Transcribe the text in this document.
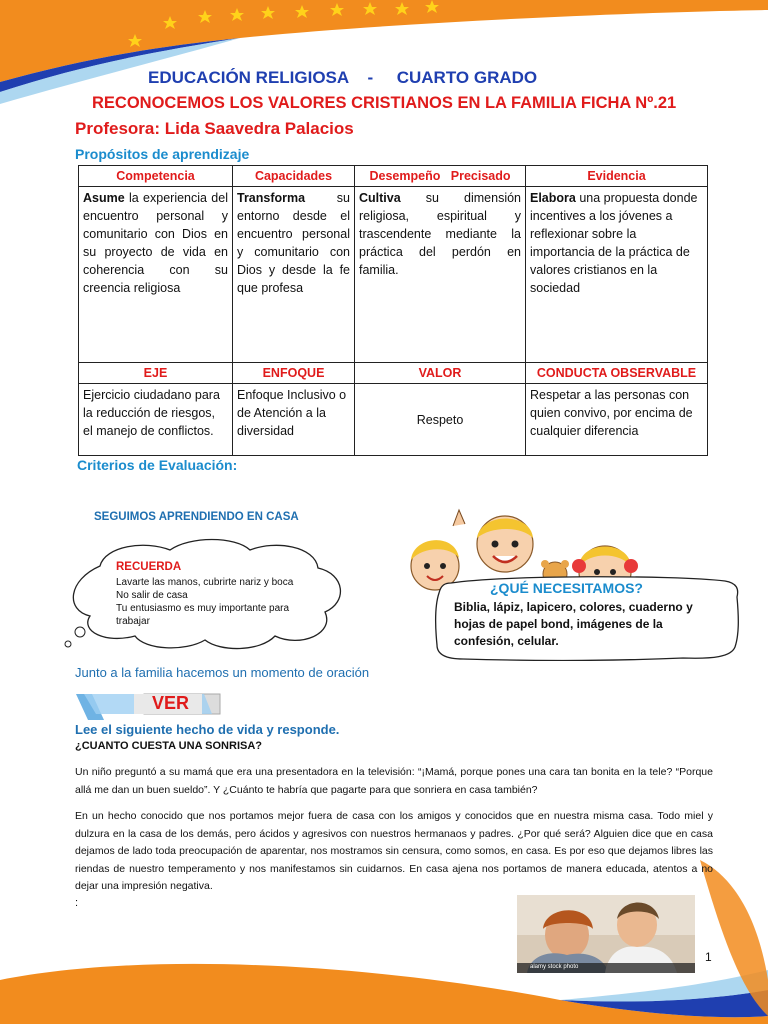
EDUCACIÓN RELIGIOSA    -     CUARTO GRADO
RECONOCEMOS LOS VALORES CRISTIANOS EN LA FAMILIA FICHA Nº.21
Profesora: Lida Saavedra Palacios
Propósitos de aprendizaje
Competencia	Capacidades	Desempeño   Precisado	Evidencia
Asume la experiencia del encuentro personal y comunitario con Dios en su proyecto de vida en coherencia con su creencia religiosa	Transforma su entorno desde el encuentro personal y comunitario con Dios y desde la fe que profesa	Cultiva su dimensión religiosa, espiritual y trascendente mediante la práctica del perdón en familia.	Elabora una propuesta donde incentives a los jóvenes a reflexionar sobre la importancia de la práctica de valores cristianos en la sociedad
EJE	ENFOQUE	VALOR	CONDUCTA OBSERVABLE
Ejercicio ciudadano para la reducción de riesgos, el manejo de conflictos.	Enfoque Inclusivo o de Atención a la diversidad	Respeto	Respetar a las personas con quien convivo, por encima de cualquier diferencia
Criterios de Evaluación:
SEGUIMOS APRENDIENDO EN CASA
RECUERDA
Lavarte las manos, cubrirte nariz y boca
No salir de casa
Tu entusiasmo es muy importante para
trabajar
¿QUÉ NECESITAMOS?
Biblia, lápiz, lapicero, colores, cuaderno y hojas de papel bond, imágenes de la confesión, celular.
Junto a la familia hacemos un momento de oración
VER
Lee el siguiente hecho de vida y responde.
¿CUANTO CUESTA UNA SONRISA?
Un niño preguntó a su mamá que era una presentadora en la televisión: “¡Mamá, porque pones una cara tan bonita en la tele? “Porque allá me dan un buen sueldo”. Y ¿Cuánto te habría que pagarte para que sonriera en casa también?
En un hecho conocido que nos portamos mejor fuera de casa con los amigos y conocidos que en nuestra misma casa. Todo miel y dulzura en la casa de los demás, pero ácidos y agresivos con nuestros hermanaos y padres. ¿Por qué será? Alguien dice que en casa dejamos de lado toda preocupación de aparentar, nos mostramos sin censura, como somos, en casa. Es por eso que dejamos libres las riendas de nuestro temperamento y nos manifestamos sin cuidarnos. En casa ajena nos portamos de manera educada, atentos a no dejar una impresión negativa.
:
alamy stock photo
1
